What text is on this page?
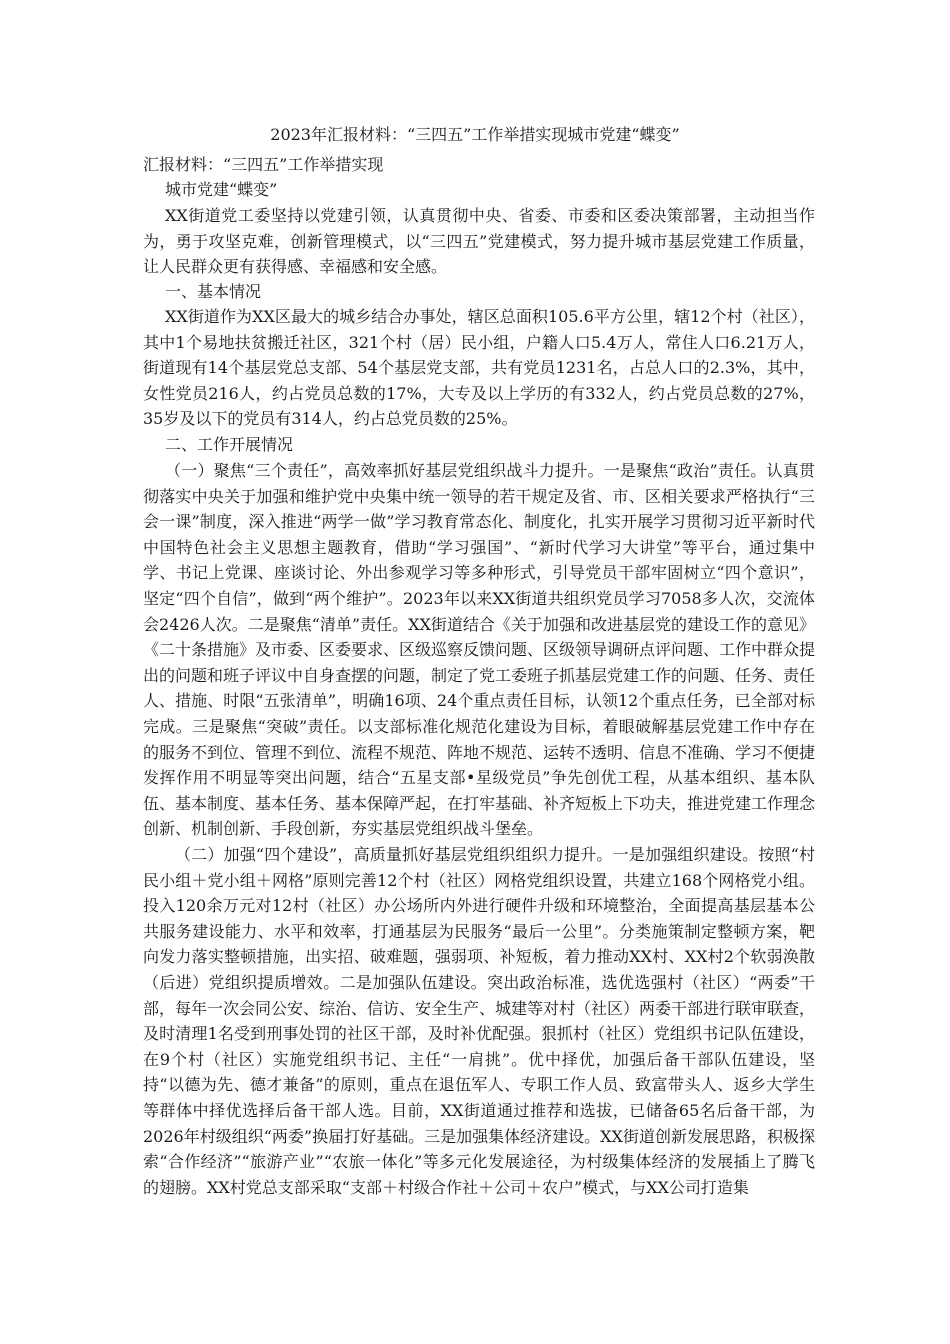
2023年汇报材料：“三四五”工作举措实现城市党建“蝶变”

汇报材料：“三四五”工作举措实现

城市党建“蝶变”

XX街道党工委坚持以党建引领，认真贯彻中央、省委、市委和区委决策部署，主动担当作为，勇于攻坚克难，创新管理模式，以“三四五”党建模式，努力提升城市基层党建工作质量，让人民群众更有获得感、幸福感和安全感。

一、基本情况

XX街道作为XX区最大的城乡结合办事处，辖区总面积105.6平方公里，辖12个村（社区），其中1个易地扶贫搬迁社区，321个村（居）民小组，户籍人口5.4万人，常住人口6.21万人，街道现有14个基层党总支部、54个基层党支部，共有党员1231名，占总人口的2.3%，其中，女性党员216人，约占党员总数的17%，大专及以上学历的有332人，约占党员总数的27%，35岁及以下的党员有314人，约占总党员数的25%。

二、工作开展情况

（一）聚焦“三个责任”，高效率抓好基层党组织战斗力提升。一是聚焦“政治”责任。认真贯彻落实中央关于加强和维护党中央集中统一领导的若干规定及省、市、区相关要求严格执行“三会一课”制度，深入推进“两学一做”学习教育常态化、制度化，扎实开展学习贯彻习近平新时代中国特色社会主义思想主题教育，借助“学习强国”、“新时代学习大讲堂”等平台，通过集中学、书记上党课、座谈讨论、外出参观学习等多种形式，引导党员干部牢固树立“四个意识”，坚定“四个自信”，做到“两个维护”。2023年以来XX街道共组织党员学习7058多人次，交流体会2426人次。二是聚焦“清单”责任。XX街道结合《关于加强和改进基层党的建设工作的意见》《二十条措施》及市委、区委要求、区级巡察反馈问题、区级领导调研点评问题、工作中群众提出的问题和班子评议中自身查摆的问题，制定了党工委班子抓基层党建工作的问题、任务、责任人、措施、时限“五张清单”，明确16项、24个重点责任目标，认领12个重点任务，已全部对标完成。三是聚焦“突破”责任。以支部标准化规范化建设为目标，着眼破解基层党建工作中存在的服务不到位、管理不到位、流程不规范、阵地不规范、运转不透明、信息不准确、学习不便捷发挥作用不明显等突出问题，结合“五星支部•星级党员”争先创优工程，从基本组织、基本队伍、基本制度、基本任务、基本保障严起，在打牢基础、补齐短板上下功夫，推进党建工作理念创新、机制创新、手段创新，夯实基层党组织战斗堡垒。

（二）加强“四个建设”，高质量抓好基层党组织组织力提升。一是加强组织建设。按照“村民小组＋党小组＋网格”原则完善12个村（社区）网格党组织设置，共建立168个网格党小组。投入120余万元对12村（社区）办公场所内外进行硬件升级和环境整治，全面提高基层基本公共服务建设能力、水平和效率，打通基层为民服务“最后一公里”。分类施策制定整顿方案，靶向发力落实整顿措施，出实招、破难题，强弱项、补短板，着力推动XX村、XX村2个软弱涣散（后进）党组织提质增效。二是加强队伍建设。突出政治标准，选优选强村（社区）“两委”干部，每年一次会同公安、综治、信访、安全生产、城建等对村（社区）两委干部进行联审联查，及时清理1名受到刑事处罚的社区干部，及时补优配强。狠抓村（社区）党组织书记队伍建设，在9个村（社区）实施党组织书记、主任“一肩挑”。优中择优，加强后备干部队伍建设，坚持“以德为先、德才兼备”的原则，重点在退伍军人、专职工作人员、致富带头人、返乡大学生等群体中择优选择后备干部人选。目前，XX街道通过推荐和选拔，已储备65名后备干部，为2026年村级组织“两委”换届打好基础。三是加强集体经济建设。XX街道创新发展思路，积极探索“合作经济”“旅游产业”“农旅一体化”等多元化发展途径，为村级集体经济的发展插上了腾飞的翅膀。XX村党总支部采取“支部＋村级合作社＋公司＋农户”模式，与XX公司打造集
